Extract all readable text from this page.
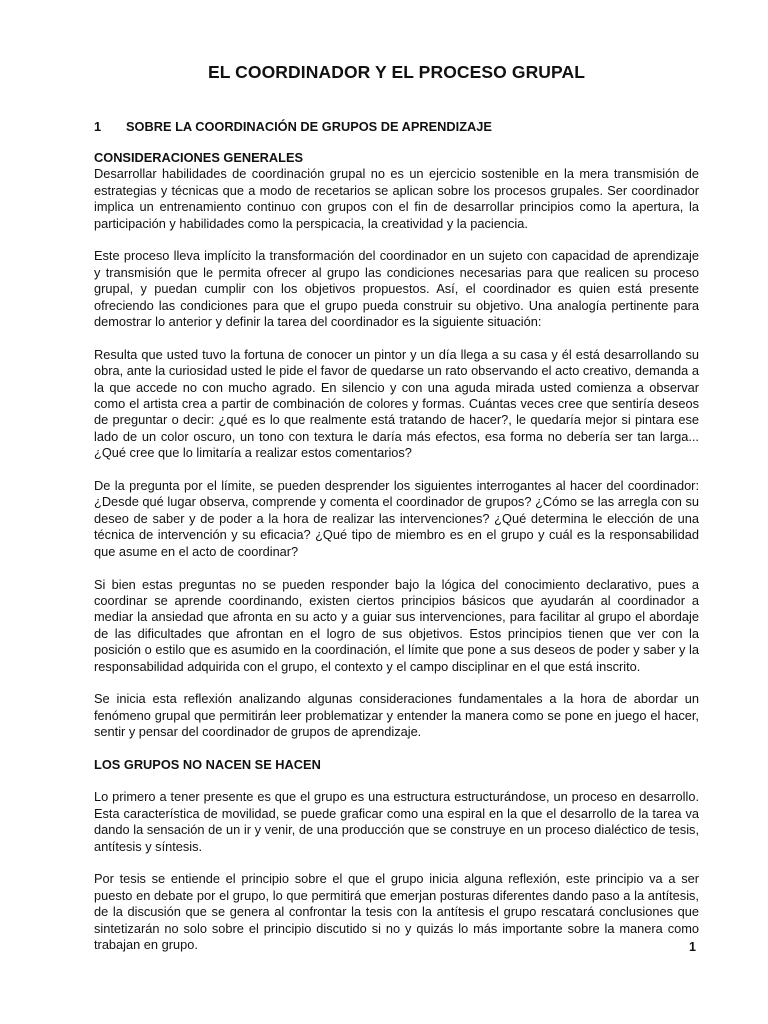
EL COORDINADOR Y EL PROCESO GRUPAL
1	SOBRE LA COORDINACIÓN DE GRUPOS DE APRENDIZAJE
CONSIDERACIONES GENERALES

Desarrollar habilidades de coordinación grupal no es un ejercicio sostenible en la mera transmisión de estrategias y técnicas que a modo de recetarios se aplican sobre los procesos grupales. Ser coordinador implica un entrenamiento continuo con grupos con el fin de desarrollar principios como la apertura, la participación y habilidades como la perspicacia, la creatividad y la paciencia.

Este proceso lleva implícito la transformación del coordinador en un sujeto con capacidad de aprendizaje y transmisión que le permita ofrecer al grupo las condiciones necesarias para que realicen su proceso grupal, y puedan cumplir con los objetivos propuestos. Así, el coordinador es quien está presente ofreciendo las condiciones para que el grupo pueda construir su objetivo. Una analogía pertinente para demostrar lo anterior y definir la tarea del coordinador es la siguiente situación:

Resulta que usted tuvo la fortuna de conocer un pintor y un día llega a su casa y él está desarrollando su obra, ante la curiosidad usted le pide el favor de quedarse un rato observando el acto creativo, demanda a la que accede no con mucho agrado. En silencio y con una aguda mirada usted comienza a observar como el artista crea a partir de combinación de colores y formas. Cuántas veces cree que sentiría deseos de preguntar o decir: ¿qué es lo que realmente está tratando de hacer?, le quedaría mejor si pintara ese lado de un color oscuro, un tono con textura le daría más efectos, esa forma no debería ser tan larga... ¿Qué cree que lo limitaría a realizar estos comentarios?

De la pregunta por el límite, se pueden desprender los siguientes interrogantes al hacer del coordinador: ¿Desde qué lugar observa, comprende y comenta el coordinador de grupos? ¿Cómo se las arregla con su deseo de saber y de poder a la hora de realizar las intervenciones? ¿Qué determina le elección de una técnica de intervención y su eficacia? ¿Qué tipo de miembro es en el grupo y cuál es la responsabilidad que asume en el acto de coordinar?

Si bien estas preguntas no se pueden responder bajo la lógica del conocimiento declarativo, pues a coordinar se aprende coordinando, existen ciertos principios básicos que ayudarán al coordinador a mediar la ansiedad que afronta en su acto y a guiar sus intervenciones, para facilitar al grupo el abordaje de las dificultades que afrontan en el logro de sus objetivos. Estos principios tienen que ver con la posición o estilo que es asumido en la coordinación, el límite que pone a sus deseos de poder y saber y la responsabilidad adquirida con el grupo, el contexto y el campo disciplinar en el que está inscrito.

Se inicia esta reflexión analizando algunas consideraciones fundamentales a la hora de abordar un fenómeno grupal que permitirán leer problematizar y entender la manera como se pone en juego el hacer, sentir y pensar del coordinador de grupos de aprendizaje.

LOS GRUPOS NO NACEN SE HACEN

Lo primero a tener presente es que el grupo es una estructura estructurándose, un proceso en desarrollo. Esta característica de movilidad, se puede graficar como una espiral en la que el desarrollo de la tarea va dando la sensación de un ir y venir, de una producción que se construye en un proceso dialéctico de tesis, antítesis y síntesis.

Por tesis se entiende el principio sobre el que el grupo inicia alguna reflexión, este principio va a ser puesto en debate por el grupo, lo que permitirá que emerjan posturas diferentes dando paso a la antítesis, de la discusión que se genera al confrontar la tesis con la antítesis el grupo rescatará conclusiones que sintetizarán no solo sobre el principio discutido si no y quizás lo más importante sobre la manera como trabajan en grupo.	1
